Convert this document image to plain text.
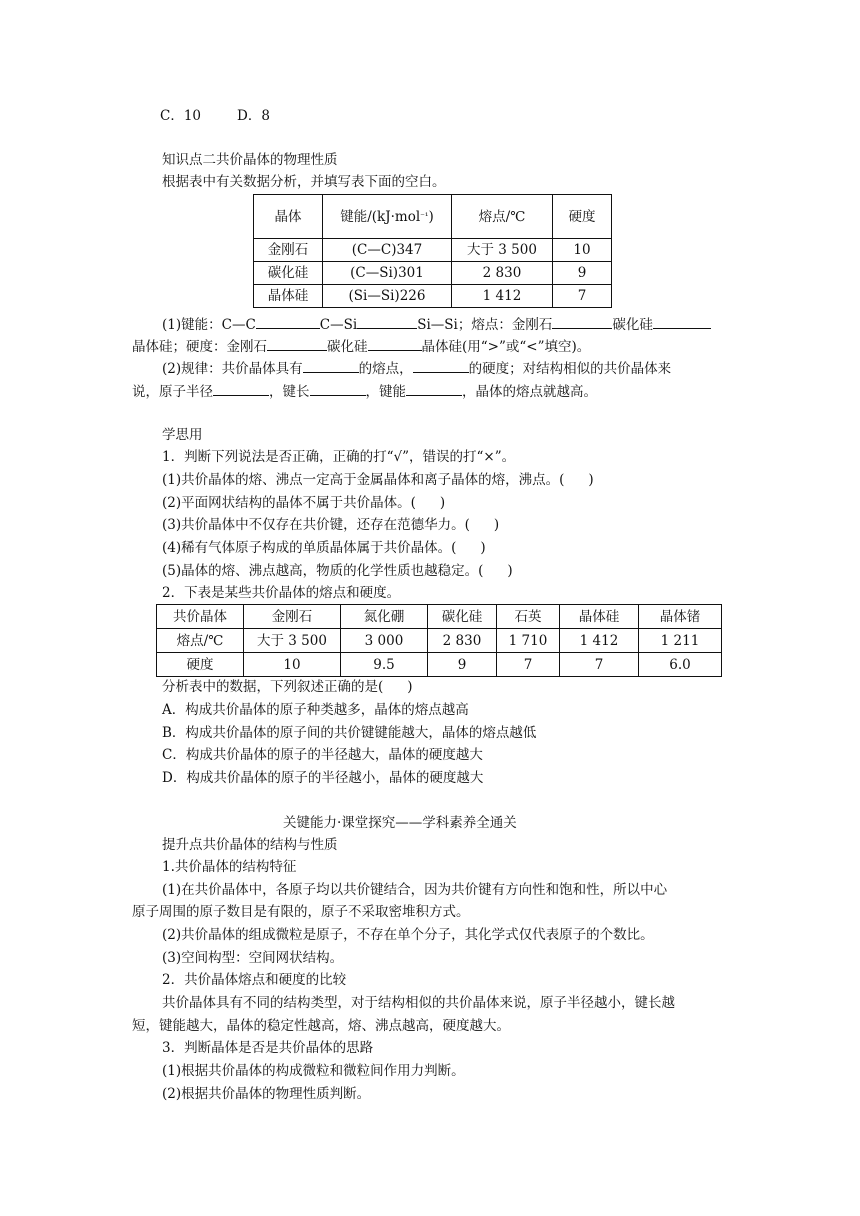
C．10	D．8
知识点二共价晶体的物理性质
根据表中有关数据分析，并填写表下面的空白。
晶体	键能/(kJ·mol$^{^{-1}}$)	熔点/℃	硬度
金刚石	(C—C)347	大于 3 500	10
碳化硅	(C—Si)301	2 830	9
晶体硅	(Si—Si)226	1 412	7
(1)键能：C—C	C—Si	Si—Si；熔点：金刚石	碳化硅
晶体硅；硬度：金刚石	碳化硅	晶体硅(用“>”或“<”填空)。
(2)规律：共价晶体具有	的熔点，	的硬度；对结构相似的共价晶体来
说，原子半径	，键长	，键能	，晶体的熔点就越高。
学思用
1．判断下列说法是否正确，正确的打“√”，错误的打“×”。
(1)共价晶体的熔、沸点一定高于金属晶体和离子晶体的熔，沸点。( )
(2)平面网状结构的晶体不属于共价晶体。( )
(3)共价晶体中不仅存在共价键，还存在范德华力。( )
(4)稀有气体原子构成的单质晶体属于共价晶体。( )
(5)晶体的熔、沸点越高，物质的化学性质也越稳定。( )
2．下表是某些共价晶体的熔点和硬度。
共价晶体	金刚石	氮化硼	碳化硅	石英	晶体硅	晶体锗
熔点/℃	大于 3 500	3 000	2 830	1 710	1 412	1 211
硬度	10	9.5	9	7	7	6.0
分析表中的数据，下列叙述正确的是( )
A．构成共价晶体的原子种类越多，晶体的熔点越高
B．构成共价晶体的原子间的共价键键能越大，晶体的熔点越低
C．构成共价晶体的原子的半径越大，晶体的硬度越大
D．构成共价晶体的原子的半径越小，晶体的硬度越大
关键能力·课堂探究——学科素养全通关
提升点共价晶体的结构与性质
1.共价晶体的结构特征
(1)在共价晶体中，各原子均以共价键结合，因为共价键有方向性和饱和性，所以中心
原子周围的原子数目是有限的，原子不采取密堆积方式。
(2)共价晶体的组成微粒是原子，不存在单个分子，其化学式仅代表原子的个数比。
(3)空间构型：空间网状结构。
2．共价晶体熔点和硬度的比较
共价晶体具有不同的结构类型，对于结构相似的共价晶体来说，原子半径越小，键长越
短，键能越大，晶体的稳定性越高，熔、沸点越高，硬度越大。
3．判断晶体是否是共价晶体的思路
(1)根据共价晶体的构成微粒和微粒间作用力判断。
(2)根据共价晶体的物理性质判断。
